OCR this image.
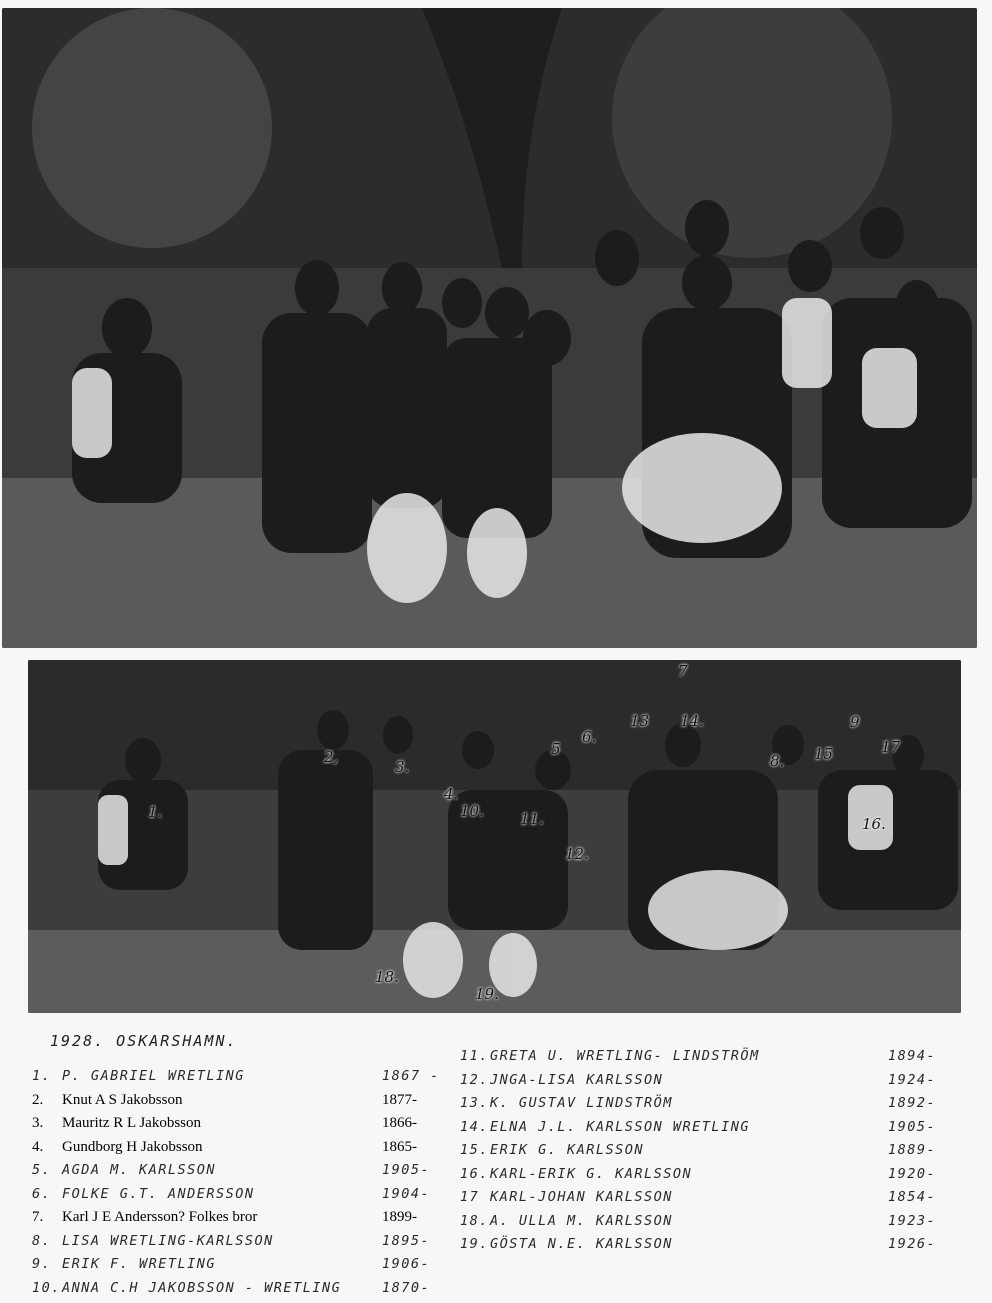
1.
2,
3.
4.
5
6.
7
8.
9
10. 11.
12.
13 14.
15
16.
17
18.
19.
1928. OSKARSHAMN.
1. P. GABRIEL WRETLING	1867 -
2.	Knut A S Jakobsson	1877-
3.	Mauritz R L Jakobsson	1866-
4.	Gundborg H Jakobsson	1865-
5. AGDA M. KARLSSON	1905-
6. FOLKE G.T. ANDERSSON	1904-
7.	Karl J E Andersson? Folkes bror	1899-
8. LISA WRETLING-KARLSSON	1895-
9. ERIK F. WRETLING	1906-
10. ANNA C.H JAKOBSSON - WRETLING	1870-
11. GRETA U. WRETLING- LINDSTRÖM	1894-
12. JNGA-LISA KARLSSON	1924-
13. K. GUSTAV LINDSTRÖM	1892-
14. ELNA J.L. KARLSSON WRETLING	1905-
15. ERIK G. KARLSSON	1889-
16. KARL-ERIK G. KARLSSON	1920-
17 KARL-JOHAN KARLSSON	1854-
18. A. ULLA M. KARLSSON	1923-
19. GÖSTA N.E. KARLSSON	1926-
